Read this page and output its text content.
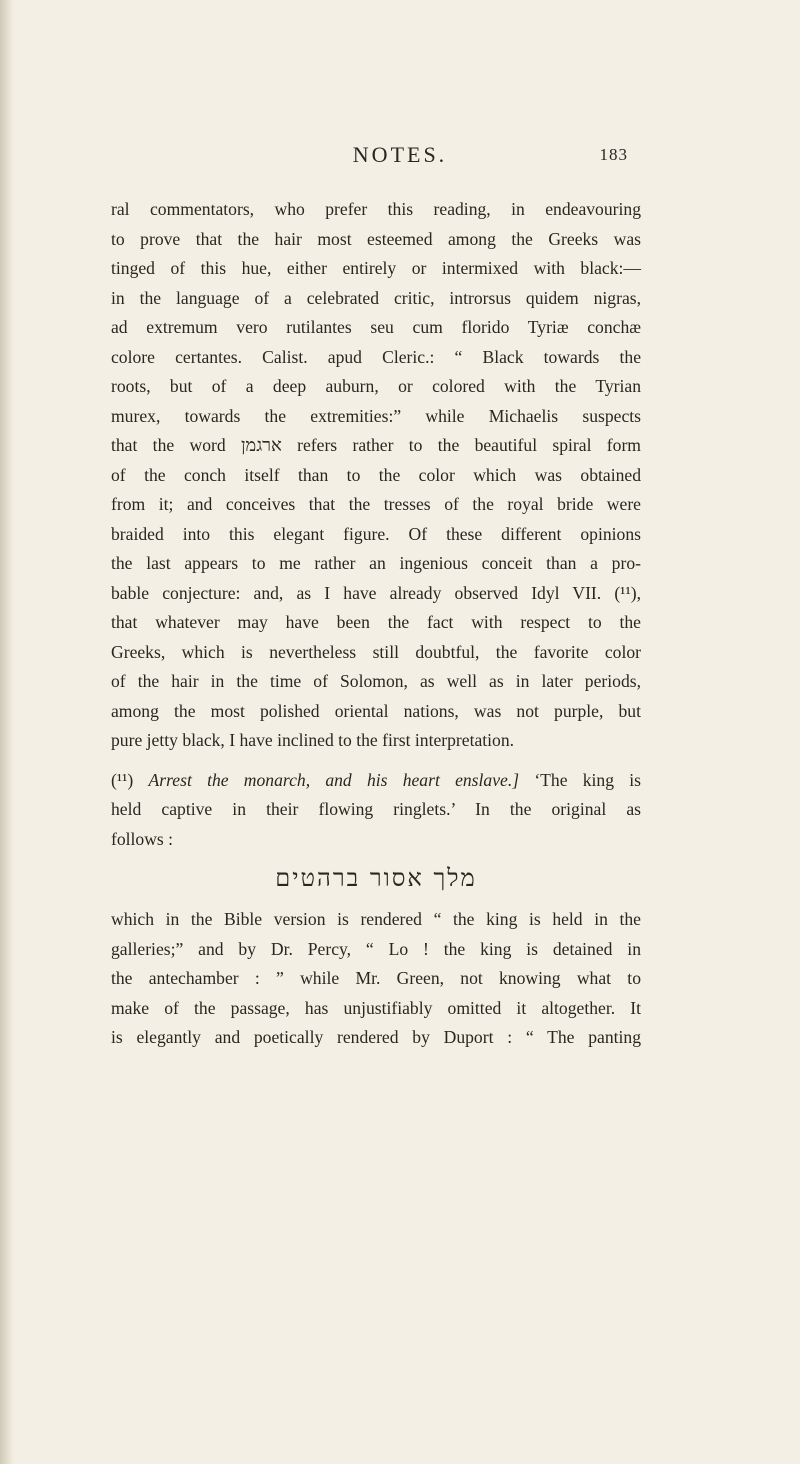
NOTES.	183

ral commentators, who prefer this reading, in endeavouring
to prove that the hair most esteemed among the Greeks was
tinged of this hue, either entirely or intermixed with black:—
in the language of a celebrated critic, introrsus quidem nigras,
ad extremum vero rutilantes seu cum florido Tyriæ conchæ
colore certantes. Calist. apud Cleric.: “ Black towards the
roots, but of a deep auburn, or colored with the Tyrian
murex, towards the extremities:” while Michaelis suspects
that the word ארגמן refers rather to the beautiful spiral form
of the conch itself than to the color which was obtained
from it; and conceives that the tresses of the royal bride were
braided into this elegant figure. Of these different opinions
the last appears to me rather an ingenious conceit than a pro-
bable conjecture: and, as I have already observed Idyl VII. (¹¹),
that whatever may have been the fact with respect to the
Greeks, which is nevertheless still doubtful, the favorite color
of the hair in the time of Solomon, as well as in later periods,
among the most polished oriental nations, was not purple, but
pure jetty black, I have inclined to the first interpretation.

(¹¹) Arrest the monarch, and his heart enslave.] ‘The king is
held captive in their flowing ringlets.’ In the original as
follows :

מלך אסור ברהטים

which in the Bible version is rendered “ the king is held in the
galleries;” and by Dr. Percy, “ Lo ! the king is detained in
the antechamber : ” while Mr. Green, not knowing what to
make of the passage, has unjustifiably omitted it altogether. It
is elegantly and poetically rendered by Duport : “ The panting
